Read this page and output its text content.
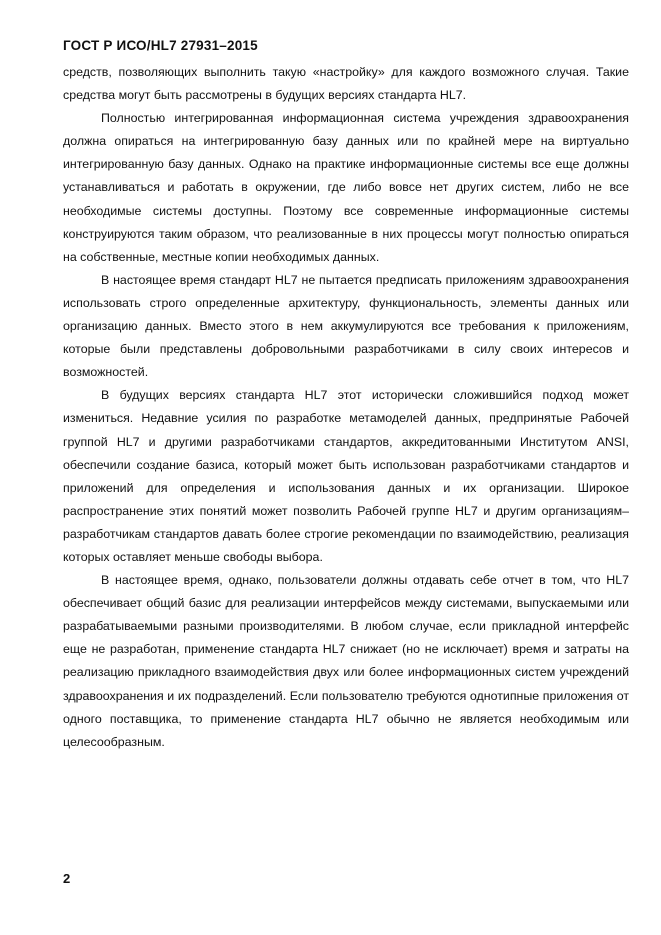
ГОСТ Р ИСО/HL7 27931–2015

средств, позволяющих выполнить такую «настройку» для каждого возможного случая. Такие средства могут быть рассмотрены в будущих версиях стандарта HL7.

Полностью интегрированная информационная система учреждения здравоохранения должна опираться на интегрированную базу данных или по крайней мере на виртуально интегрированную базу данных. Однако на практике информационные системы все еще должны устанавливаться и работать в окружении, где либо вовсе нет других систем, либо не все необходимые системы доступны. Поэтому все современные информационные системы конструируются таким образом, что реализованные в них процессы могут полностью опираться на собственные, местные копии необходимых данных.

В настоящее время стандарт HL7 не пытается предписать приложениям здравоохранения использовать строго определенные архитектуру, функциональность, элементы данных или организацию данных. Вместо этого в нем аккумулируются все требования к приложениям, которые были представлены добровольными разработчиками в силу своих интересов и возможностей.

В будущих версиях стандарта HL7 этот исторически сложившийся подход может измениться. Недавние усилия по разработке метамоделей данных, предпринятые Рабочей группой HL7 и другими разработчиками стандартов, аккредитованными Институтом ANSI, обеспечили создание базиса, который может быть использован разработчиками стандартов и приложений для определения и использования данных и их организации. Широкое распространение этих понятий может позволить Рабочей группе HL7 и другим организациям–разработчикам стандартов давать более строгие рекомендации по взаимодействию, реализация которых оставляет меньше свободы выбора.

В настоящее время, однако, пользователи должны отдавать себе отчет в том, что HL7 обеспечивает общий базис для реализации интерфейсов между системами, выпускаемыми или разрабатываемыми разными производителями. В любом случае, если прикладной интерфейс еще не разработан, применение стандарта HL7 снижает (но не исключает) время и затраты на реализацию прикладного взаимодействия двух или более информационных систем учреждений здравоохранения и их подразделений. Если пользователю требуются однотипные приложения от одного поставщика, то применение стандарта HL7 обычно не является необходимым или целесообразным.

2
